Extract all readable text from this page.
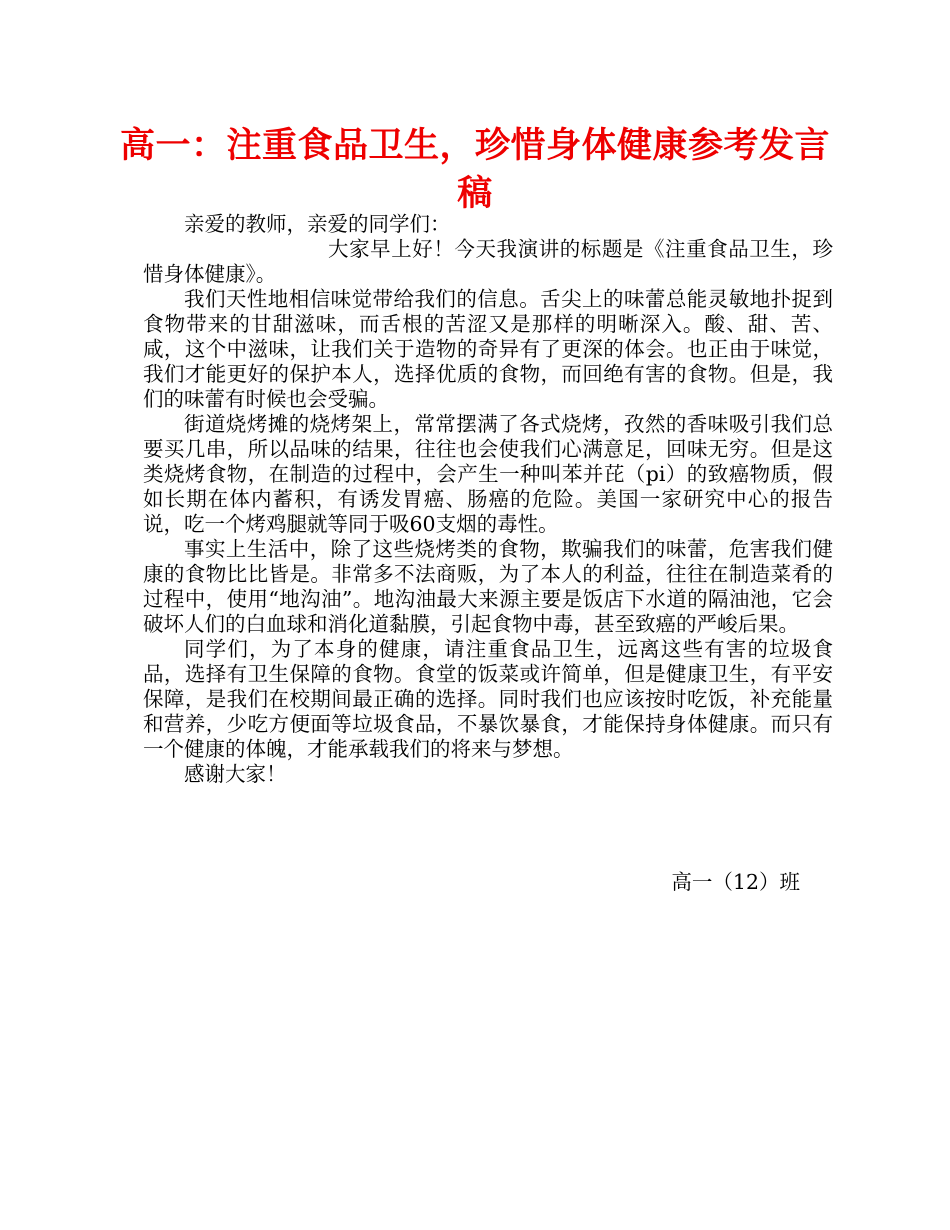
高一：注重食品卫生，珍惜身体健康参考发言稿

亲爱的教师，亲爱的同学们：

大家早上好！今天我演讲的标题是《注重食品卫生，珍惜身体健康》。

我们天性地相信味觉带给我们的信息。舌尖上的味蕾总能灵敏地扑捉到食物带来的甘甜滋味，而舌根的苦涩又是那样的明晰深入。酸、甜、苦、咸，这个中滋味，让我们关于造物的奇异有了更深的体会。也正由于味觉，我们才能更好的保护本人，选择优质的食物，而回绝有害的食物。但是，我们的味蕾有时候也会受骗。

街道烧烤摊的烧烤架上，常常摆满了各式烧烤，孜然的香味吸引我们总要买几串，所以品味的结果，往往也会使我们心满意足，回味无穷。但是这类烧烤食物，在制造的过程中，会产生一种叫苯并芘（pi）的致癌物质，假如长期在体内蓄积，有诱发胃癌、肠癌的危险。美国一家研究中心的报告说，吃一个烤鸡腿就等同于吸60支烟的毒性。

事实上生活中，除了这些烧烤类的食物，欺骗我们的味蕾，危害我们健康的食物比比皆是。非常多不法商贩，为了本人的利益，往往在制造菜肴的过程中，使用“地沟油”。地沟油最大来源主要是饭店下水道的隔油池，它会破坏人们的白血球和消化道黏膜，引起食物中毒，甚至致癌的严峻后果。

同学们，为了本身的健康，请注重食品卫生，远离这些有害的垃圾食品，选择有卫生保障的食物。食堂的饭菜或许简单，但是健康卫生，有平安保障，是我们在校期间最正确的选择。同时我们也应该按时吃饭，补充能量和营养，少吃方便面等垃圾食品，不暴饮暴食，才能保持身体健康。而只有一个健康的体魄，才能承载我们的将来与梦想。

感谢大家！

高一（12）班
